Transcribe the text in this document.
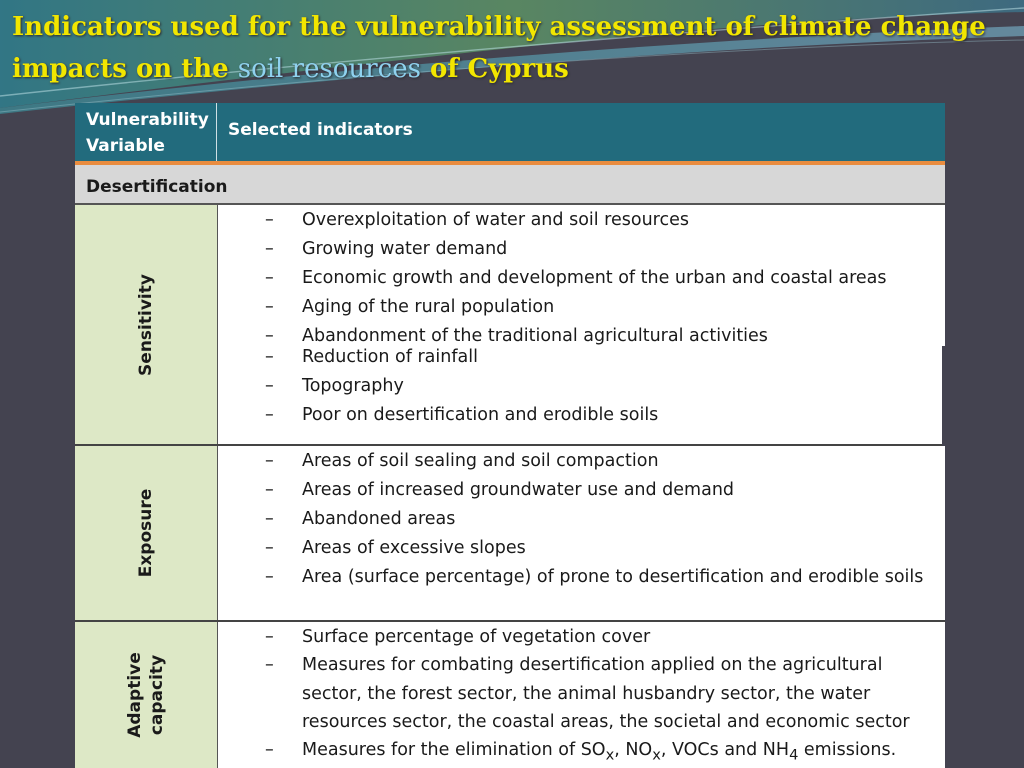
Indicators used for the vulnerability assessment of climate change impacts on the soil resources of Cyprus
Vulnerability Variable
Selected indicators
Desertification
Sensitivity
– Overexploitation of water and soil resources
– Growing water demand
– Economic growth and development of the urban and coastal areas
– Aging of the rural population
– Abandonment of the traditional agricultural activities
– Reduction of rainfall
– Topography
– Poor on desertification and erodible soils
Exposure
– Areas of soil sealing and soil compaction
– Areas of increased groundwater use and demand
– Abandoned areas
– Areas of excessive slopes
– Area (surface percentage) of prone to desertification and erodible soils
Adaptive
capacity
– Surface percentage of vegetation cover
– Measures for combating desertification applied on the agricultural sector, the forest sector, the animal husbandry sector, the water resources sector, the coastal areas, the societal and economic sector
– Measures for the elimination of $SO_x$, $NO_x$, VOCs and $NH_4$ emissions.
